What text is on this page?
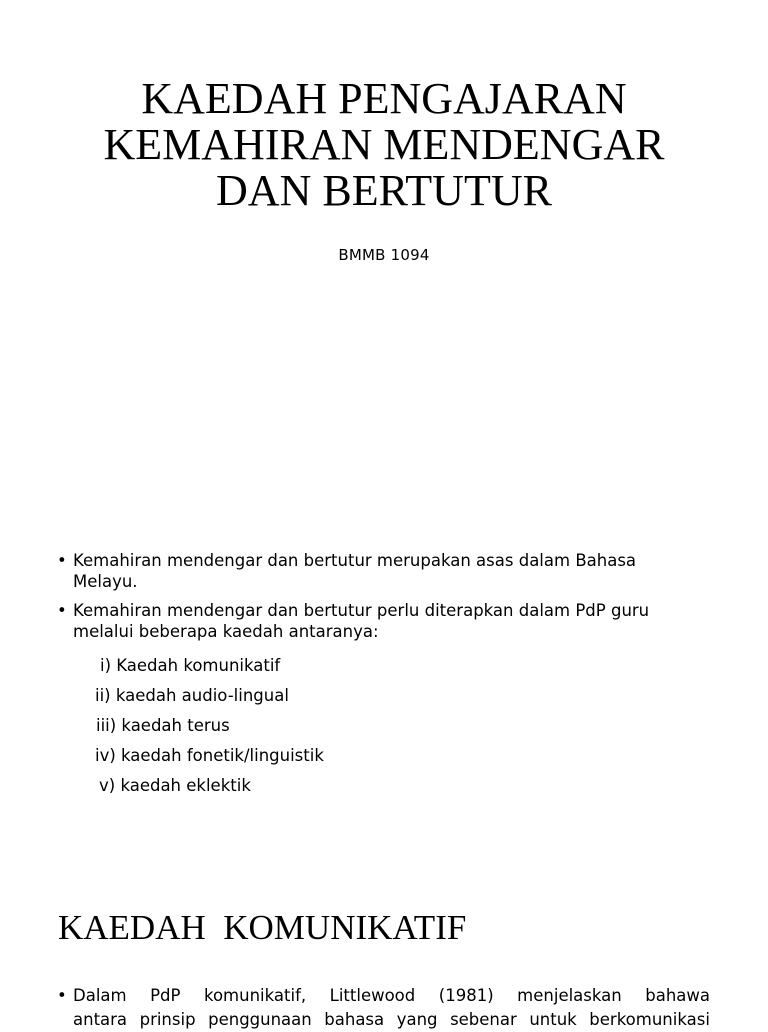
KAEDAH PENGAJARAN
KEMAHIRAN MENDENGAR
DAN BERTUTUR
BMMB 1094
• Kemahiran mendengar dan bertutur merupakan asas dalam Bahasa Melayu.
• Kemahiran mendengar dan bertutur perlu diterapkan dalam PdP guru melalui beberapa kaedah antaranya:
i) Kaedah komunikatif
ii) kaedah audio-lingual
iii) kaedah terus
iv) kaedah fonetik/linguistik
v) kaedah eklektik
KAEDAH  KOMUNIKATIF
• Dalam PdP komunikatif, Littlewood (1981) menjelaskan bahawa
antara prinsip penggunaan bahasa yang sebenar untuk berkomunikasi
